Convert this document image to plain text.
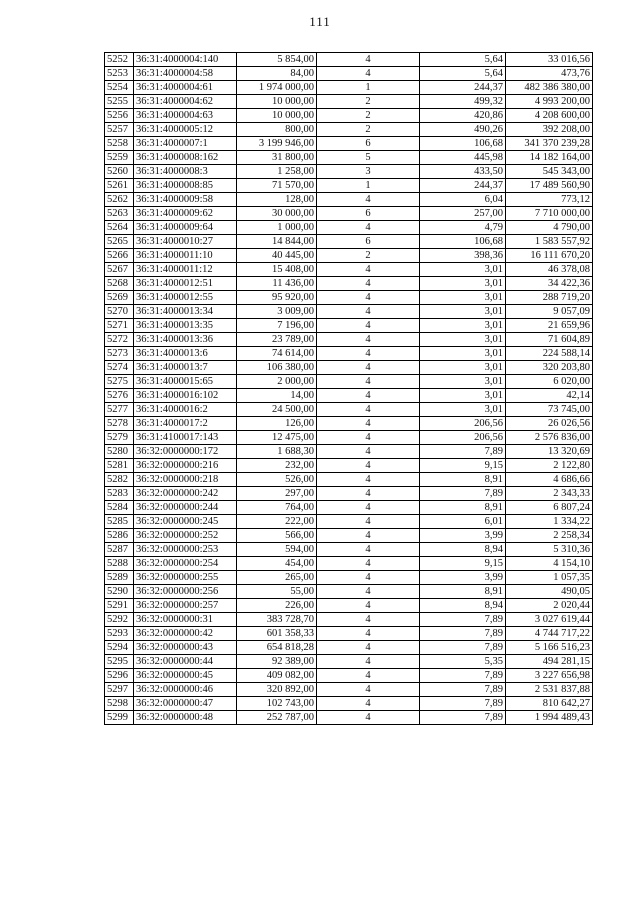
111
5252	36:31:4000004:140	5 854,00	4	5,64	33 016,56
5253	36:31:4000004:58	84,00	4	5,64	473,76
5254	36:31:4000004:61	1 974 000,00	1	244,37	482 386 380,00
5255	36:31:4000004:62	10 000,00	2	499,32	4 993 200,00
5256	36:31:4000004:63	10 000,00	2	420,86	4 208 600,00
5257	36:31:4000005:12	800,00	2	490,26	392 208,00
5258	36:31:4000007:1	3 199 946,00	6	106,68	341 370 239,28
5259	36:31:4000008:162	31 800,00	5	445,98	14 182 164,00
5260	36:31:4000008:3	1 258,00	3	433,50	545 343,00
5261	36:31:4000008:85	71 570,00	1	244,37	17 489 560,90
5262	36:31:4000009:58	128,00	4	6,04	773,12
5263	36:31:4000009:62	30 000,00	6	257,00	7 710 000,00
5264	36:31:4000009:64	1 000,00	4	4,79	4 790,00
5265	36:31:4000010:27	14 844,00	6	106,68	1 583 557,92
5266	36:31:4000011:10	40 445,00	2	398,36	16 111 670,20
5267	36:31:4000011:12	15 408,00	4	3,01	46 378,08
5268	36:31:4000012:51	11 436,00	4	3,01	34 422,36
5269	36:31:4000012:55	95 920,00	4	3,01	288 719,20
5270	36:31:4000013:34	3 009,00	4	3,01	9 057,09
5271	36:31:4000013:35	7 196,00	4	3,01	21 659,96
5272	36:31:4000013:36	23 789,00	4	3,01	71 604,89
5273	36:31:4000013:6	74 614,00	4	3,01	224 588,14
5274	36:31:4000013:7	106 380,00	4	3,01	320 203,80
5275	36:31:4000015:65	2 000,00	4	3,01	6 020,00
5276	36:31:4000016:102	14,00	4	3,01	42,14
5277	36:31:4000016:2	24 500,00	4	3,01	73 745,00
5278	36:31:4000017:2	126,00	4	206,56	26 026,56
5279	36:31:4100017:143	12 475,00	4	206,56	2 576 836,00
5280	36:32:0000000:172	1 688,30	4	7,89	13 320,69
5281	36:32:0000000:216	232,00	4	9,15	2 122,80
5282	36:32:0000000:218	526,00	4	8,91	4 686,66
5283	36:32:0000000:242	297,00	4	7,89	2 343,33
5284	36:32:0000000:244	764,00	4	8,91	6 807,24
5285	36:32:0000000:245	222,00	4	6,01	1 334,22
5286	36:32:0000000:252	566,00	4	3,99	2 258,34
5287	36:32:0000000:253	594,00	4	8,94	5 310,36
5288	36:32:0000000:254	454,00	4	9,15	4 154,10
5289	36:32:0000000:255	265,00	4	3,99	1 057,35
5290	36:32:0000000:256	55,00	4	8,91	490,05
5291	36:32:0000000:257	226,00	4	8,94	2 020,44
5292	36:32:0000000:31	383 728,70	4	7,89	3 027 619,44
5293	36:32:0000000:42	601 358,33	4	7,89	4 744 717,22
5294	36:32:0000000:43	654 818,28	4	7,89	5 166 516,23
5295	36:32:0000000:44	92 389,00	4	5,35	494 281,15
5296	36:32:0000000:45	409 082,00	4	7,89	3 227 656,98
5297	36:32:0000000:46	320 892,00	4	7,89	2 531 837,88
5298	36:32:0000000:47	102 743,00	4	7,89	810 642,27
5299	36:32:0000000:48	252 787,00	4	7,89	1 994 489,43
